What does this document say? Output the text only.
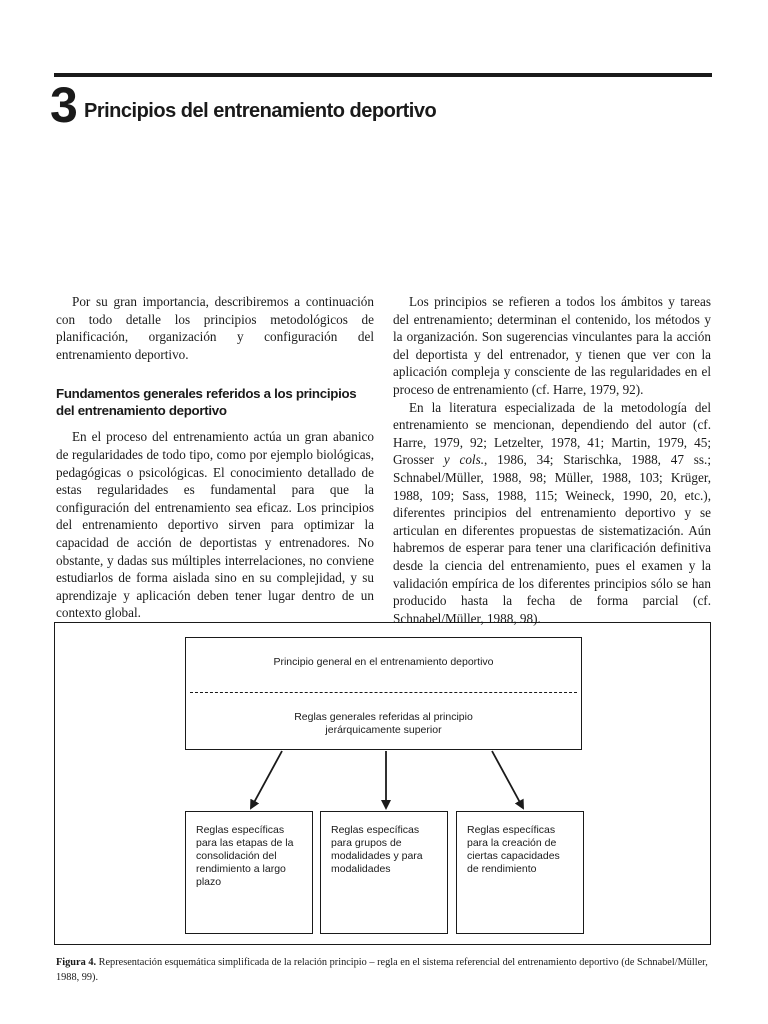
3 Principios del entrenamiento deportivo

Por su gran importancia, describiremos a continuación con todo detalle los principios metodológicos de planificación, organización y configuración del entrenamiento deportivo.

Fundamentos generales referidos a los principios del entrenamiento deportivo

En el proceso del entrenamiento actúa un gran abanico de regularidades de todo tipo, como por ejemplo biológicas, pedagógicas o psicológicas. El conocimiento detallado de estas regularidades es fundamental para que la configuración del entrenamiento sea eficaz. Los principios del entrenamiento deportivo sirven para optimizar la capacidad de acción de deportistas y entrenadores. No obstante, y dadas sus múltiples interrelaciones, no conviene estudiarlos de forma aislada sino en su complejidad, y su aprendizaje y aplicación deben tener lugar dentro de un contexto global.

Los principios se refieren a todos los ámbitos y tareas del entrenamiento; determinan el contenido, los métodos y la organización. Son sugerencias vinculantes para la acción del deportista y del entrenador, y tienen que ver con la aplicación compleja y consciente de las regularidades en el proceso de entrenamiento (cf. Harre, 1979, 92).

En la literatura especializada de la metodología del entrenamiento se mencionan, dependiendo del autor (cf. Harre, 1979, 92; Letzelter, 1978, 41; Martin, 1979, 45; Grosser y cols., 1986, 34; Starischka, 1988, 47 ss.; Schnabel/Müller, 1988, 98; Müller, 1988, 103; Krüger, 1988, 109; Sass, 1988, 115; Weineck, 1990, 20, etc.), diferentes principios del entrenamiento deportivo y se articulan en diferentes propuestas de sistematización. Aún habremos de esperar para tener una clarificación definitiva desde la ciencia del entrenamiento, pues el examen y la validación empírica de los diferentes principios sólo se han producido hasta la fecha de forma parcial (cf. Schnabel/Müller, 1988, 98).

Principio general en el entrenamiento deportivo
Reglas generales referidas al principio
jerárquicamente superior
Reglas específicas
para las etapas de la
consolidación del
rendimiento a largo
plazo
Reglas específicas
para grupos de
modalidades y para
modalidades
Reglas específicas
para la creación de
ciertas capacidades
de rendimiento
Figura 4. Representación esquemática simplificada de la relación principio – regla en el sistema referencial del entrenamiento deportivo (de Schnabel/Müller, 1988, 99).
